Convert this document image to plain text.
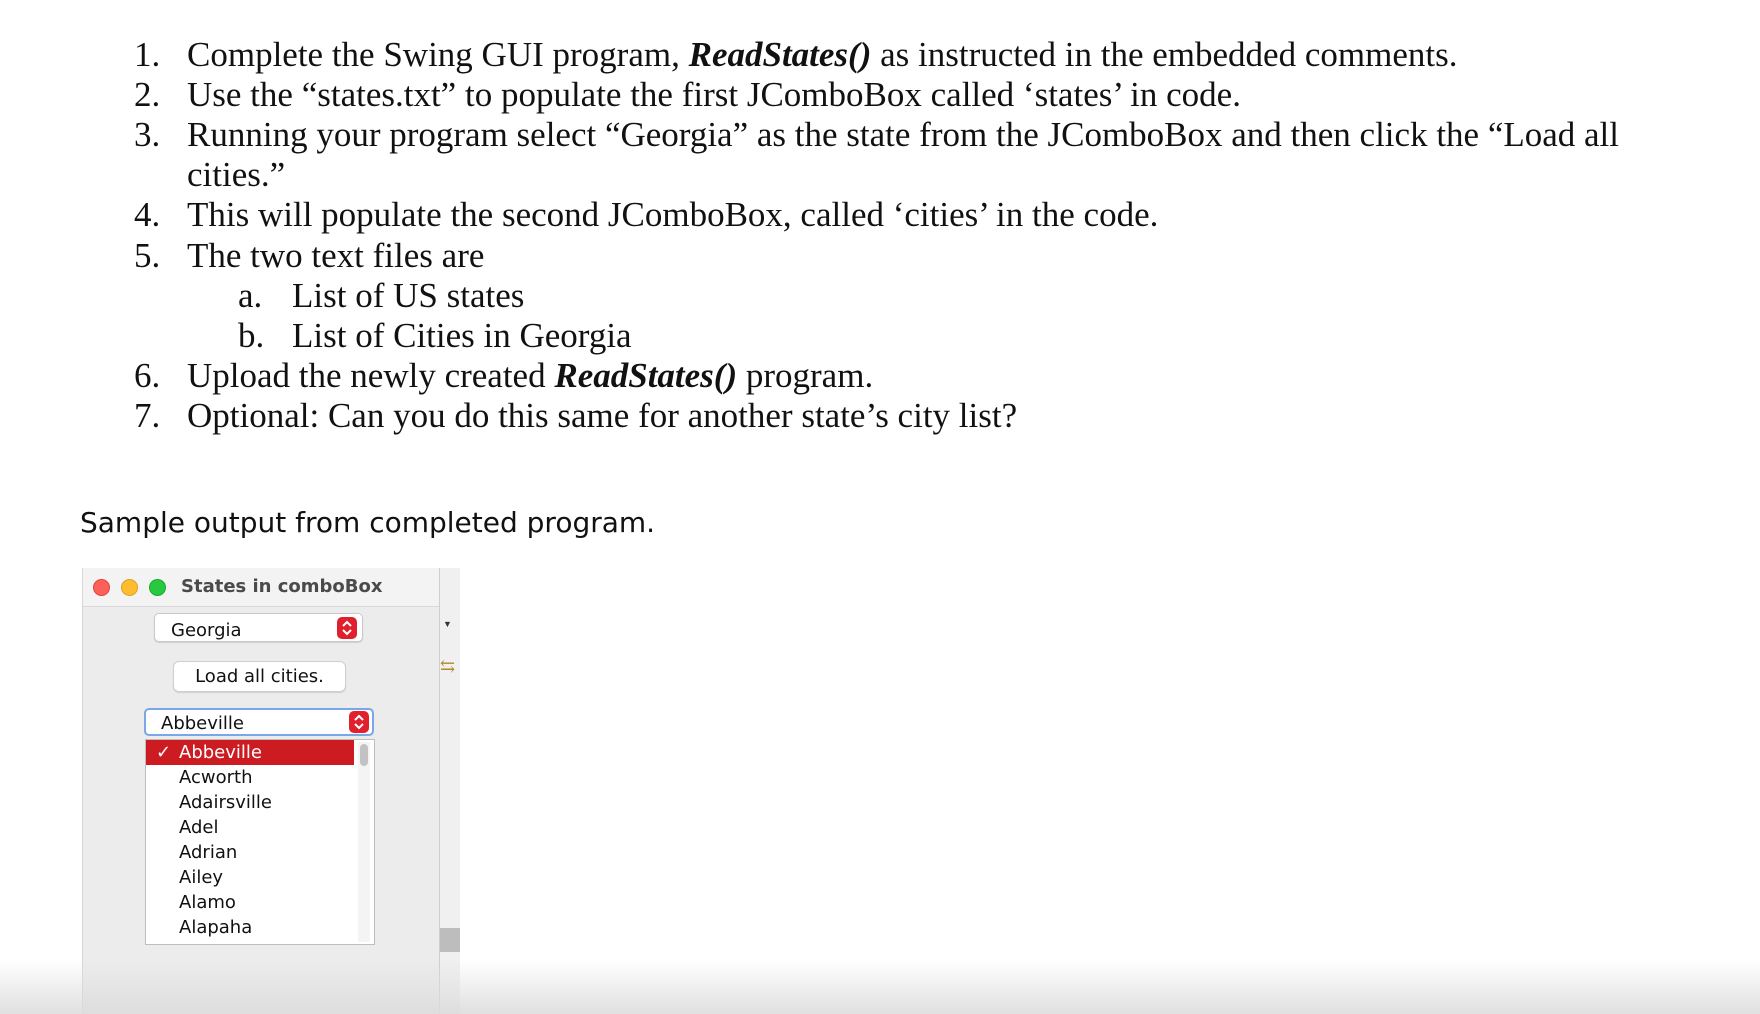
1. Complete the Swing GUI program, ReadStates() as instructed in the embedded comments.
2. Use the “states.txt” to populate the first JComboBox called ‘states’ in code.
3. Running your program select “Georgia” as the state from the JComboBox and then click the “Load all
cities.”
4. This will populate the second JComboBox, called ‘cities’ in the code.
5. The two text files are
a. List of US states
b. List of Cities in Georgia
6. Upload the newly created ReadStates() program.
7. Optional: Can you do this same for another state’s city list?
Sample output from completed program.
States in comboBox
Georgia
Load all cities.
Abbeville
✓ Abbeville
Acworth
Adairsville
Adel
Adrian
Ailey
Alamo
Alapaha
▼
⇆
